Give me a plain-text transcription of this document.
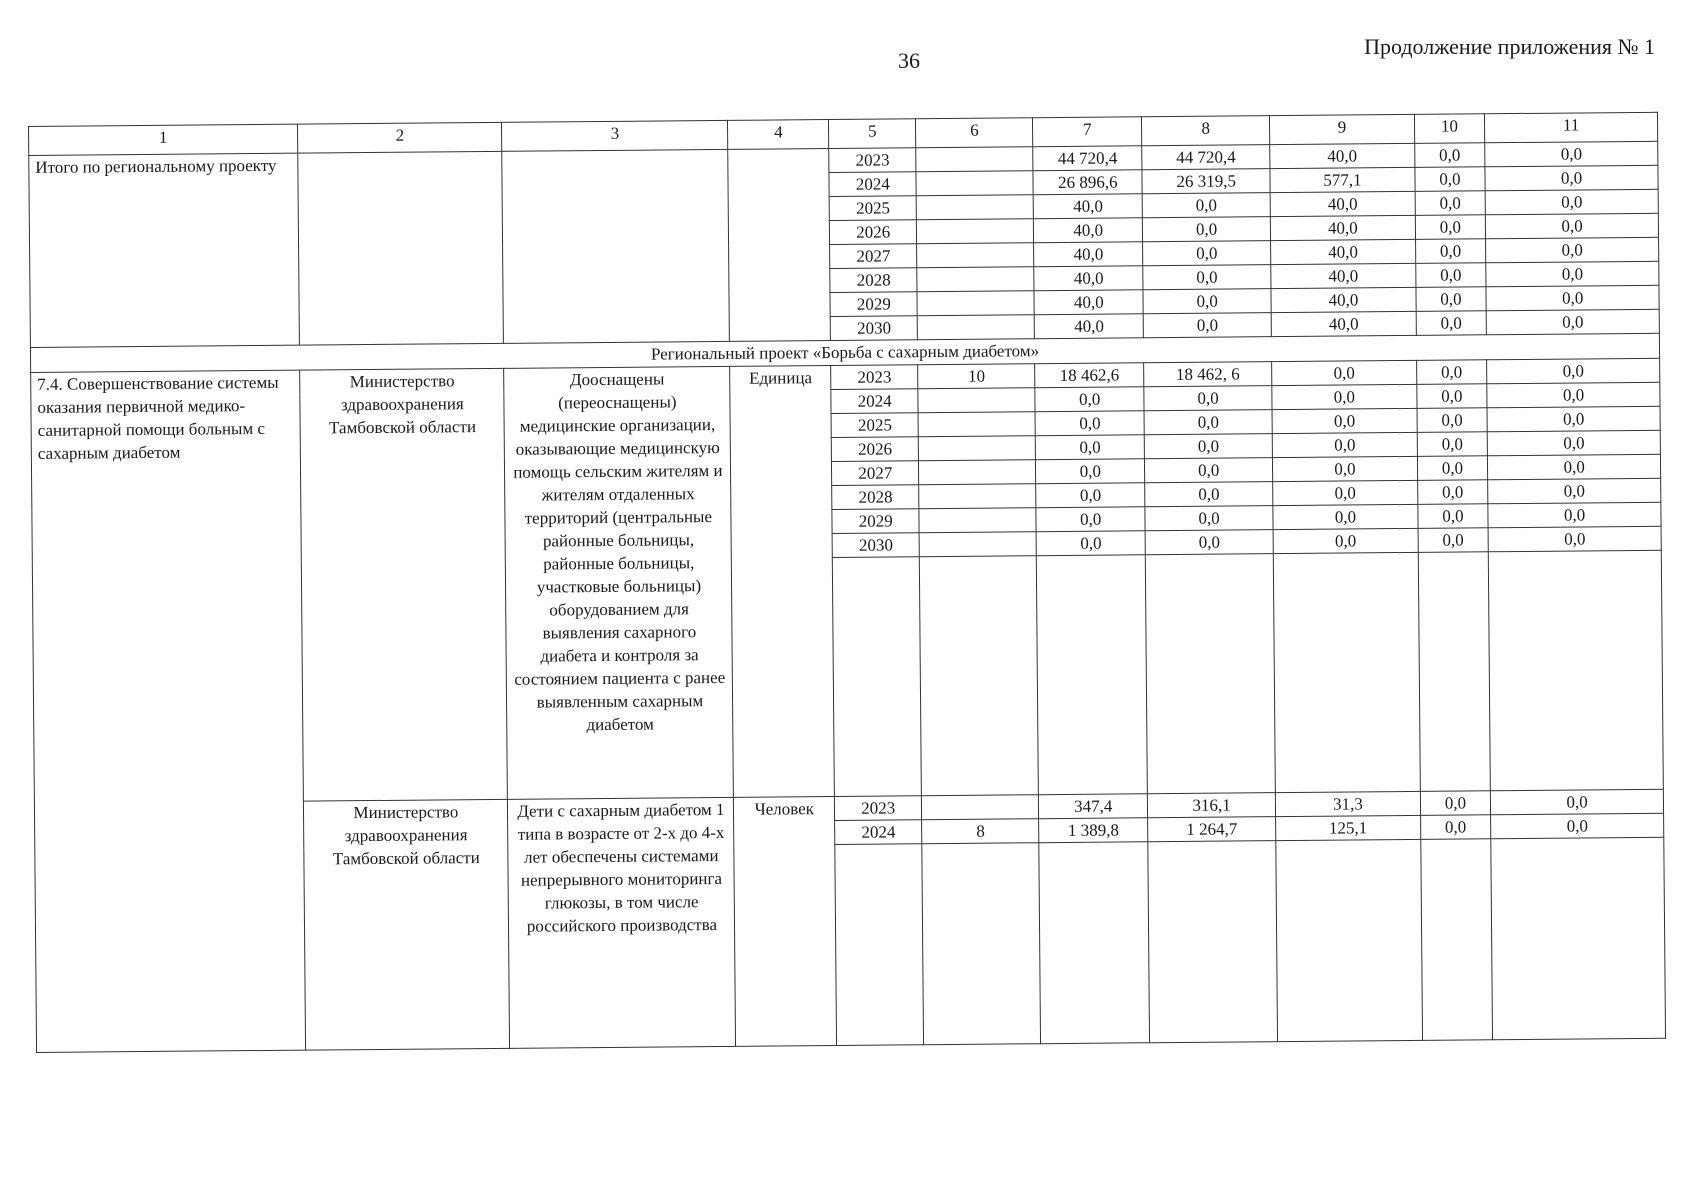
36
Продолжение приложения № 1
1	2	3	4	5	6	7	8	9	10	11
Итого по региональному проекту				2023		44 720,4	44 720,4	40,0	0,0	0,0
				2024		26 896,6	26 319,5	577,1	0,0	0,0
				2025		40,0	0,0	40,0	0,0	0,0
				2026		40,0	0,0	40,0	0,0	0,0
				2027		40,0	0,0	40,0	0,0	0,0
				2028		40,0	0,0	40,0	0,0	0,0
				2029		40,0	0,0	40,0	0,0	0,0
				2030		40,0	0,0	40,0	0,0	0,0
Региональный проект «Борьба с сахарным диабетом»										
7.4. Совершенствование системы оказания первичной медико-санитарной помощи больным с сахарным диабетом	Министерство здравоохранения Тамбовской области	Дооснащены (переоснащены) медицинские организации, оказывающие медицинскую помощь сельским жителям и жителям отдаленных территорий (центральные районные больницы, районные больницы, участковые больницы) оборудованием для выявления сахарного диабета и контроля за состоянием пациента с ранее выявленным сахарным диабетом	Единица	2023	10	18 462,6	18 462, 6	0,0	0,0	0,0
				2024		0,0	0,0	0,0	0,0	0,0
				2025		0,0	0,0	0,0	0,0	0,0
				2026		0,0	0,0	0,0	0,0	0,0
				2027		0,0	0,0	0,0	0,0	0,0
				2028		0,0	0,0	0,0	0,0	0,0
				2029		0,0	0,0	0,0	0,0	0,0
				2030		0,0	0,0	0,0	0,0	0,0

	Министерство здравоохранения Тамбовской области	Дети с сахарным диабетом 1 типа в возрасте от 2-х до 4-х лет обеспечены системами непрерывного мониторинга глюкозы, в том числе российского производства	Человек	2023		347,4	316,1	31,3	0,0	0,0
				2024	8	1 389,8	1 264,7	125,1	0,0	0,0
